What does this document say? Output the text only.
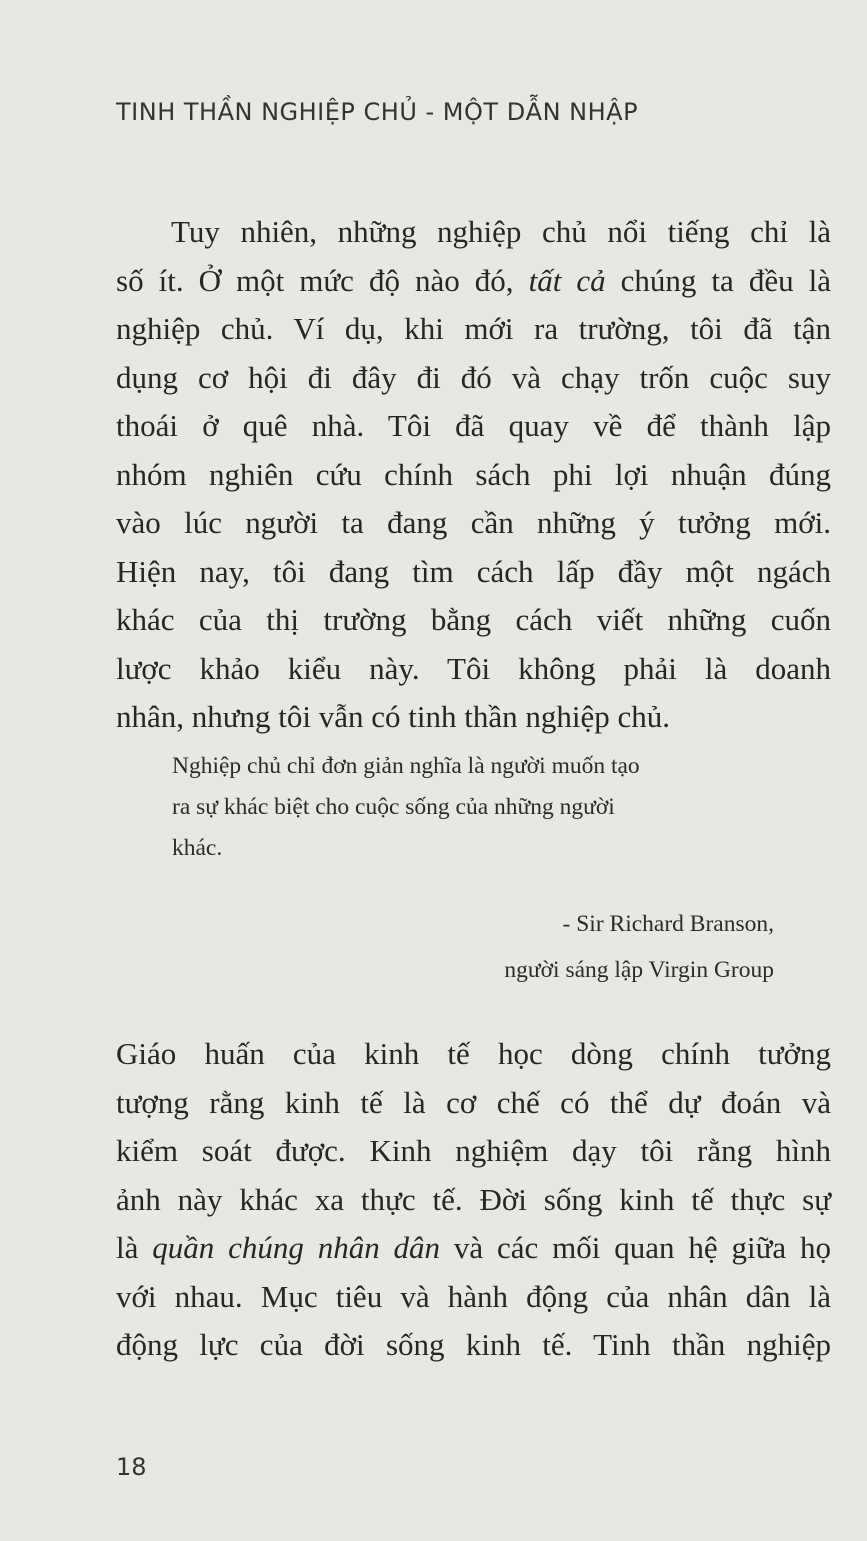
TINH THẦN NGHIỆP CHỦ - MỘT DẪN NHẬP
Tuy nhiên, những nghiệp chủ nổi tiếng chỉ là
số ít. Ở một mức độ nào đó, tất cả chúng ta đều là
nghiệp chủ. Ví dụ, khi mới ra trường, tôi đã tận
dụng cơ hội đi đây đi đó và chạy trốn cuộc suy
thoái ở quê nhà. Tôi đã quay về để thành lập
nhóm nghiên cứu chính sách phi lợi nhuận đúng
vào lúc người ta đang cần những ý tưởng mới.
Hiện nay, tôi đang tìm cách lấp đầy một ngách
khác của thị trường bằng cách viết những cuốn
lược khảo kiểu này. Tôi không phải là doanh
nhân, nhưng tôi vẫn có tinh thần nghiệp chủ.
Nghiệp chủ chỉ đơn giản nghĩa là người muốn tạo
ra sự khác biệt cho cuộc sống của những người
khác.
- Sir Richard Branson,
người sáng lập Virgin Group
Giáo huấn của kinh tế học dòng chính tưởng
tượng rằng kinh tế là cơ chế có thể dự đoán và
kiểm soát được. Kinh nghiệm dạy tôi rằng hình
ảnh này khác xa thực tế. Đời sống kinh tế thực sự
là quần chúng nhân dân và các mối quan hệ giữa họ
với nhau. Mục tiêu và hành động của nhân dân là
động lực của đời sống kinh tế. Tinh thần nghiệp
18
